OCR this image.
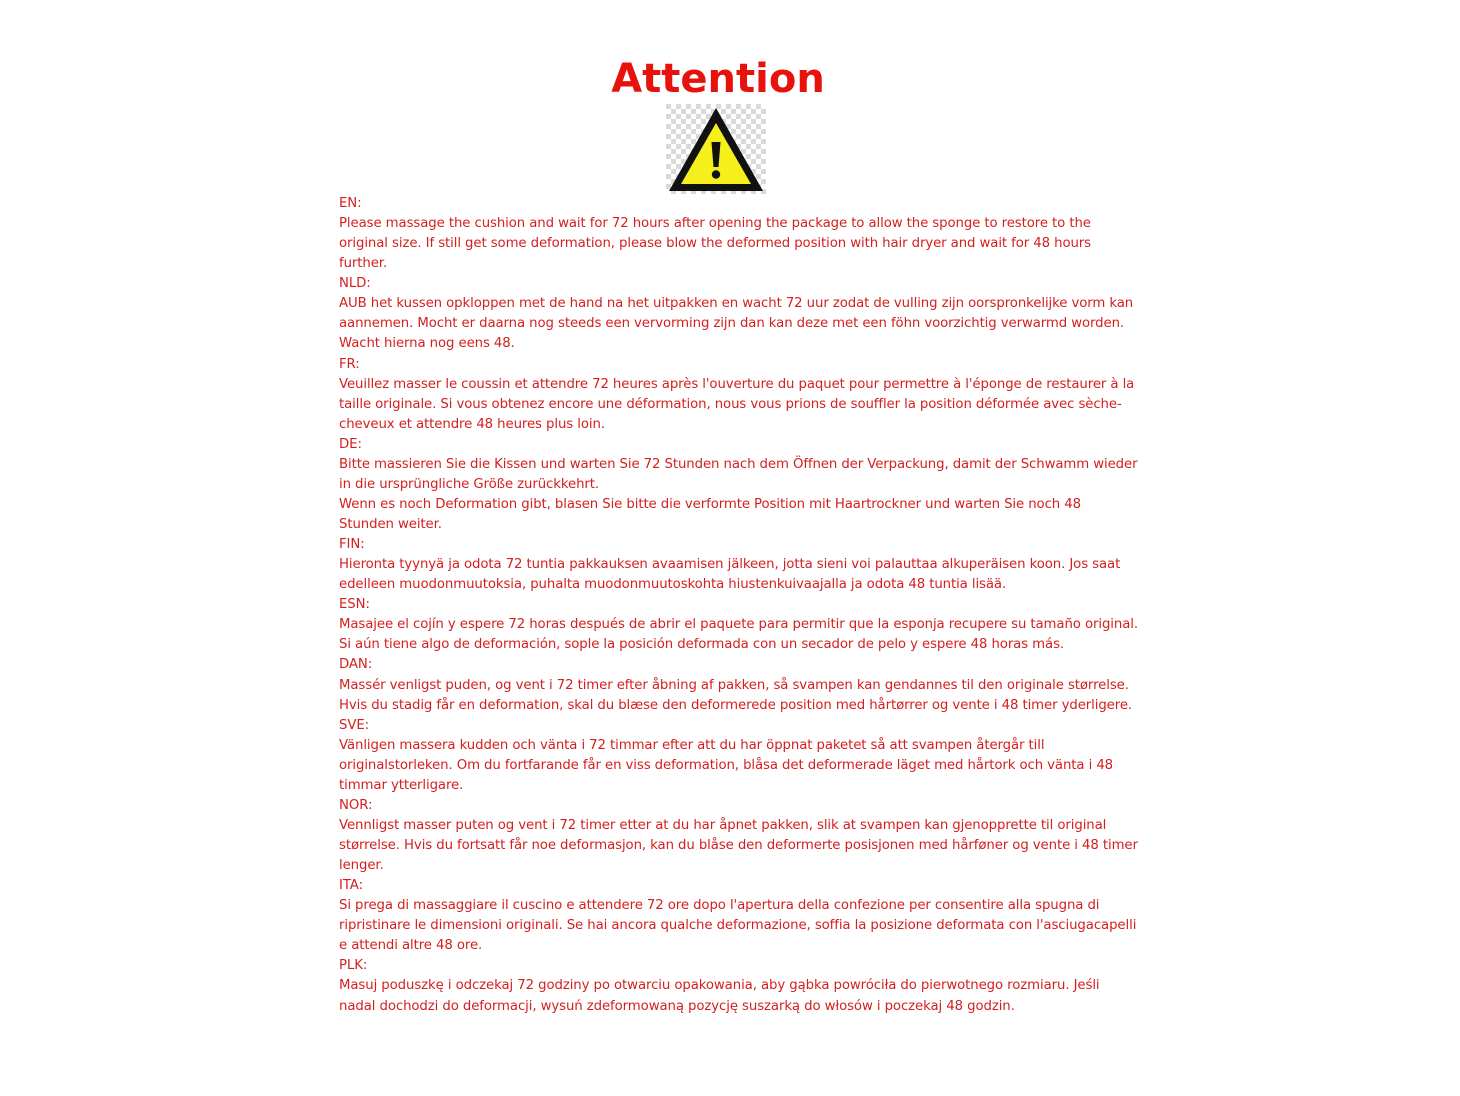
Attention
EN:
Please massage the cushion and wait for 72 hours after opening the package to allow the sponge to restore to the original size. If still get some deformation, please blow the deformed position with hair dryer and wait for 48 hours further.
NLD:
AUB het kussen opkloppen met de hand na het uitpakken en wacht 72 uur zodat de vulling zijn oorspronkelijke vorm kan aannemen. Mocht er daarna nog steeds een vervorming zijn dan kan deze met een föhn voorzichtig verwarmd worden. Wacht hierna nog eens 48.
FR:
Veuillez masser le coussin et attendre 72 heures après l'ouverture du paquet pour permettre à l'éponge de restaurer à la taille originale. Si vous obtenez encore une déformation, nous vous prions de souffler la position déformée avec sèche-cheveux et attendre 48 heures plus loin.
DE:
Bitte massieren Sie die Kissen und warten Sie 72 Stunden nach dem Öffnen der Verpackung, damit der Schwamm wieder in die ursprüngliche Größe zurückkehrt.
Wenn es noch Deformation gibt, blasen Sie bitte die verformte Position mit Haartrockner und warten Sie noch 48 Stunden weiter.
FIN:
Hieronta tyynyä ja odota 72 tuntia pakkauksen avaamisen jälkeen, jotta sieni voi palauttaa alkuperäisen koon. Jos saat edelleen muodonmuutoksia, puhalta muodonmuutoskohta hiustenkuivaajalla ja odota 48 tuntia lisää.
ESN:
Masajee el cojín y espere 72 horas después de abrir el paquete para permitir que la esponja recupere su tamaño original. Si aún tiene algo de deformación, sople la posición deformada con un secador de pelo y espere 48 horas más.
DAN:
Massér venligst puden, og vent i 72 timer efter åbning af pakken, så svampen kan gendannes til den originale størrelse. Hvis du stadig får en deformation, skal du blæse den deformerede position med hårtørrer og vente i 48 timer yderligere.
SVE:
Vänligen massera kudden och vänta i 72 timmar efter att du har öppnat paketet så att svampen återgår till originalstorleken. Om du fortfarande får en viss deformation, blåsa det deformerade läget med hårtork och vänta i 48 timmar ytterligare.
NOR:
Vennligst masser puten og vent i 72 timer etter at du har åpnet pakken, slik at svampen kan gjenopprette til original størrelse. Hvis du fortsatt får noe deformasjon, kan du blåse den deformerte posisjonen med hårføner og vente i 48 timer lenger.
ITA:
Si prega di massaggiare il cuscino e attendere 72 ore dopo l'apertura della confezione per consentire alla spugna di ripristinare le dimensioni originali. Se hai ancora qualche deformazione, soffia la posizione deformata con l'asciugacapelli e attendi altre 48 ore.
PLK:
Masuj poduszkę i odczekaj 72 godziny po otwarciu opakowania, aby gąbka powróciła do pierwotnego rozmiaru. Jeśli nadal dochodzi do deformacji, wysuń zdeformowaną pozycję suszarką do włosów i poczekaj 48 godzin.
